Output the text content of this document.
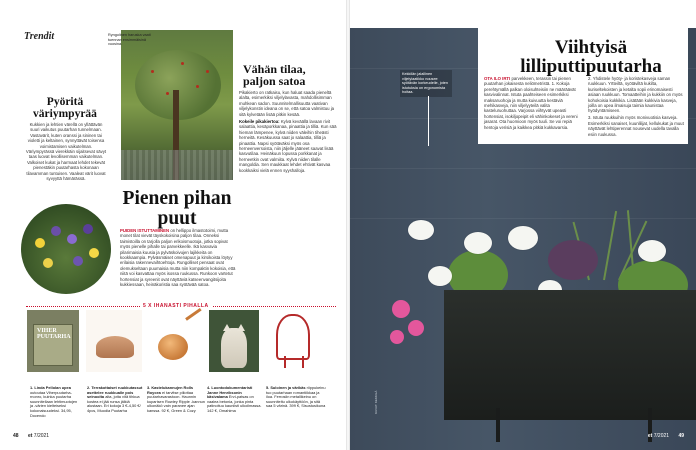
Trendit
Pyöritä väriympyrää
Kukkien ja lehtien värellä on yllättävän suuri vaikutus puutarhan tunnelmaan. Vastavärit, kuten oranssi ja sininen tai violetti ja keltainen, synnyttävät toisensa voimistamisen vaikutelman. Väriympyrässä vierekkäin sijaitsevat sävyt taas luovat levollisemman vaikutelman. Valkoiset kukat ja harmaat lehdet tekevät pienestäkin puutarhasta kokonaan tilavamman tuntuisen. Vaaleat värit luovat syvyyttä hämärässä.
Ryngolinen haruska vaati tuennan ensimmäisinä vuosina.
Vähän tilaa, paljon satoa

Pikakierto on ratkaisu, kun haluat saada pieneltä alalta, esimerkiksi viljelylavasta, mahdollisimman muhkean sadon. Suunnitelmallisuutta vaativan viljelykonstin ideana on se, että satoa valmistuu ja sitä kylvetään lisää pitkin kesää.

Kokeile pikakiertoa: Kylvä keväällä lavaan rivit salaattia, kesäporkkanaa, pinaattia ja tilliä. Kun sää hieman lämpenee, kylvä niiden väleihin tiheästi herneitä. Kesäkuussa saat jo salaattia, tilliä ja pinaattia. Napsi syötäväksi myös osa herneenversoista, niin jäljelle jääneet saavat lisää kasvutilaa. Heinäkuun lopussa porkkanat ja herneetkin ovat valmiita. Kylvä niiden tilalle mangoldia. Sen maukkaat lehdet ehtivät kasvaa kookkaiksi vielä ennen syyshalloja.

Pienen pihan puut
PUIDEN ISTUTTAMINEN on hellippo ilmastotoimi, mutta monet tilat vievät täyskokoisina paljon tilaa. Onneksi taimistoilla on tarjolla paljon erikoismuotoja, jotka sopivat myös pienelle pihalle tai parvekkeelle. Ikä kasvavia pilarimaisia kuusia ja pylväskoivujen lajikkeita on kookkaampia. Pylväsmäiset omenapuut ja kirsikoista löytyy erilaisia rakennevaihtoehtoja. Rungolliset pensaat ovat olemukseltaan puumaisia mutta niin kompaktin kokoisia, että niitä voi kasvattaa myös isossa ruukussa. Runkoon vartetut hortensiat ja syreenit ovat näyttäviä katseenvangitsijoita kukkiessaan, heinäkoristia saa syötävää satoa.
5 X IHANASTI PIHALLA
VIHER PUUTARHA
1. Linda Pellolan upea outoutaa Viherpuutarha-rnonro, kuinka puutarha suunnitellaan lehtimuotojen ja -värien kielteiseksi kokonaisuudeksi. 34,95, Docendo
2. Terrakottaiset ruukkutassut asettelee ruukkualle pois seinoolta alta, jotta vitä tihkua kostea ei jää runsa jälkiä alustaan. Eri kokoja 3 €-4,50 €/ 4pcs, Muodia Puutarha
3. Kastelukannujen Rolls Roycea ei tarvitse piilottaa puutarhavarastoon. Haunnin kuparisen Rowley Ripple -kannun ulkonäkö vain paranee ajan kanssa. 92 €, Green & Cozy
4. Luontodokumentaristi Janne Henriksonin käsivalama Ervi-patsas on vaalea betonia, jonka pinta patinoituu kauniisti ulkoilmassa. 142 €, Omahima
5. Suloinen ja värikäs riippukeinu tuo puutarhaan romantiikkaa ja iloa. Ferrosiin metallikeinu on suunniteltu ulkokäyttöön, ja sitä saa 5 värinä. 399 €, Sisustusikuna
48 et 7/2021
Viihtyisä lilliputtipuutarha
OTA ILO IRTI parvekkeen, terassin tai pienen puutarhan jokaisesta neliömetristä. 1. Kokoja perehtymällä palkan oloisuhteisiin ne määräävät kasvivalinnat. Istuta paahteiseen esimerkiksi maksaruohoja ja mutta kuivuutta kestäviä mehikasveja, niin viljelyyteilä valita kasteluruohuttaa. Varjossa viihtyvät upeasti hortensiat, isokiljopeipit eli vähinkokeset ja vereni jasarat. Ota huomioon myös tuuli. Se voi repiä hentoja verisiä ja kaikkea pitkiä kukkavarsia.

2. Yhdistele hyöty- ja koristekasveja saman ruukkuun. Yrtteiltä, syötäviltä kukilta, kuriseltekoisten ja ketalta sopii erinomaisesti asiaan ruukkuun. Tomaatteihin ja kukkiin on myös kohokoisia kukkikia. Lisätään kukkivia kasveja, joilla on upea ilmaisuja taimia kaunistaa hyödyntämiseen.

3. Istuta ruukkuihin myös monivuotisia kasveja. Esimerkiksi sanaiset, kuunlilijat, kellukukat ja muut näyttävät lehtiperennat nousevat uudella tavalla esiin ruukussa.

Kekkilän jalallinen viljelylaatikko nousee syötävän korkeudelle, joten istutuksia on ergonomista hoitaa.
KUVAT: KEKKILÄ
et 7/2021 49
